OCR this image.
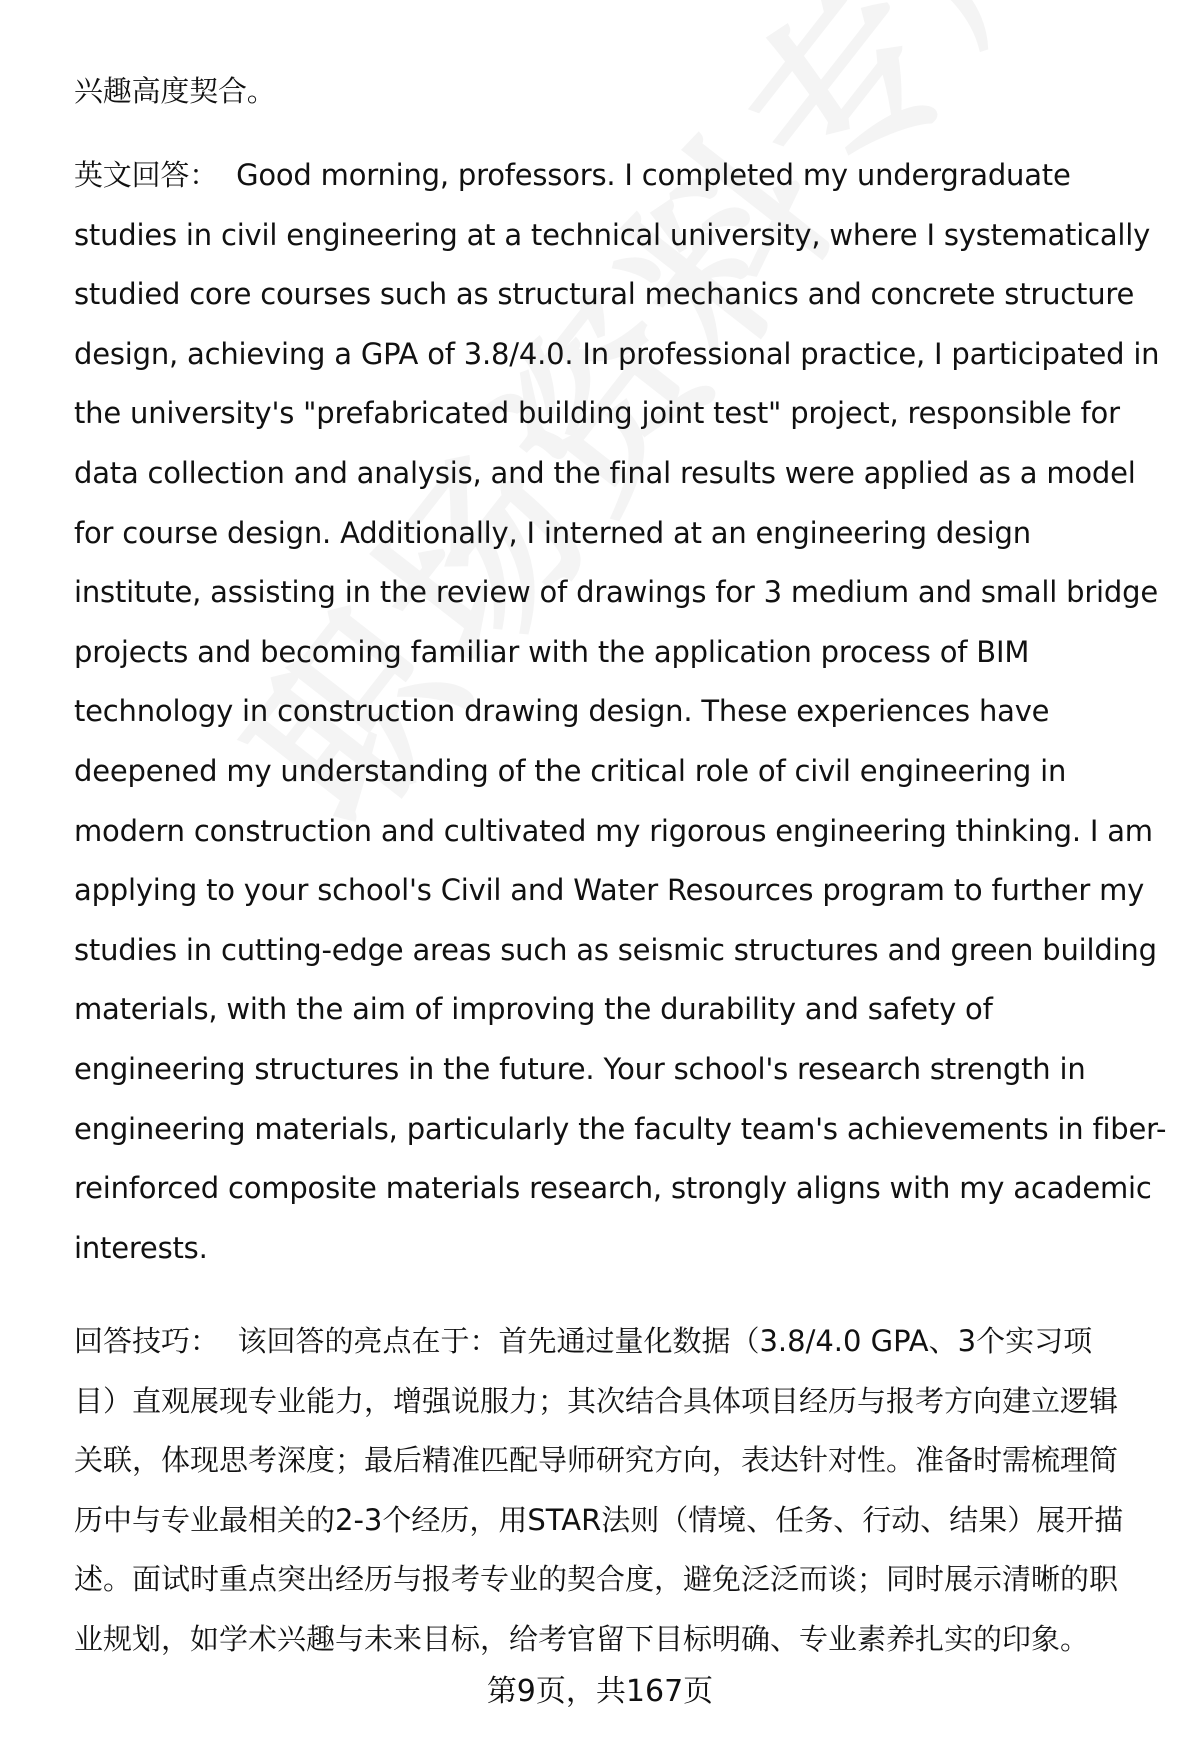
兴趣高度契合。
英文回答： Good morning, professors. I completed my undergraduate
studies in civil engineering at a technical university, where I systematically
studied core courses such as structural mechanics and concrete structure
design, achieving a GPA of 3.8/4.0. In professional practice, I participated in
the university's "prefabricated building joint test" project, responsible for
data collection and analysis, and the final results were applied as a model
for course design. Additionally, I interned at an engineering design
institute, assisting in the review of drawings for 3 medium and small bridge
projects and becoming familiar with the application process of BIM
technology in construction drawing design. These experiences have
deepened my understanding of the critical role of civil engineering in
modern construction and cultivated my rigorous engineering thinking. I am
applying to your school's Civil and Water Resources program to further my
studies in cutting-edge areas such as seismic structures and green building
materials, with the aim of improving the durability and safety of
engineering structures in the future. Your school's research strength in
engineering materials, particularly the faculty team's achievements in fiber-
reinforced composite materials research, strongly aligns with my academic
interests.
回答技巧： 该回答的亮点在于：首先通过量化数据（3.8/4.0 GPA、3个实习项
目）直观展现专业能力，增强说服力；其次结合具体项目经历与报考方向建立逻辑
关联，体现思考深度；最后精准匹配导师研究方向，表达针对性。准备时需梳理简
历中与专业最相关的2-3个经历，用STAR法则（情境、任务、行动、结果）展开描
述。面试时重点突出经历与报考专业的契合度，避免泛泛而谈；同时展示清晰的职
业规划，如学术兴趣与未来目标，给考官留下目标明确、专业素养扎实的印象。
第9页，共167页
